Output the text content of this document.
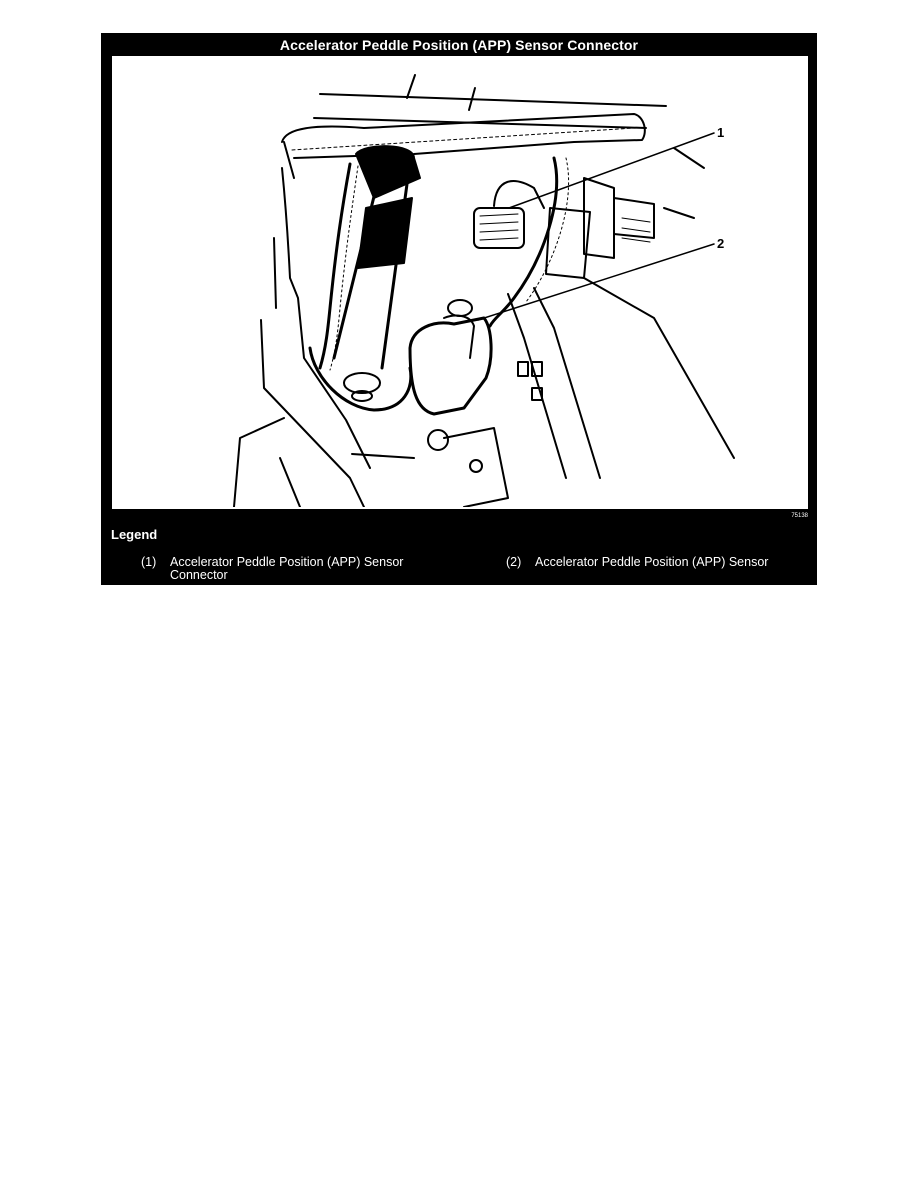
Accelerator Peddle Position (APP) Sensor Connector
1
2
75138
Legend
(1) Accelerator Peddle Position (APP) Sensor Connector
(2) Accelerator Peddle Position (APP) Sensor
